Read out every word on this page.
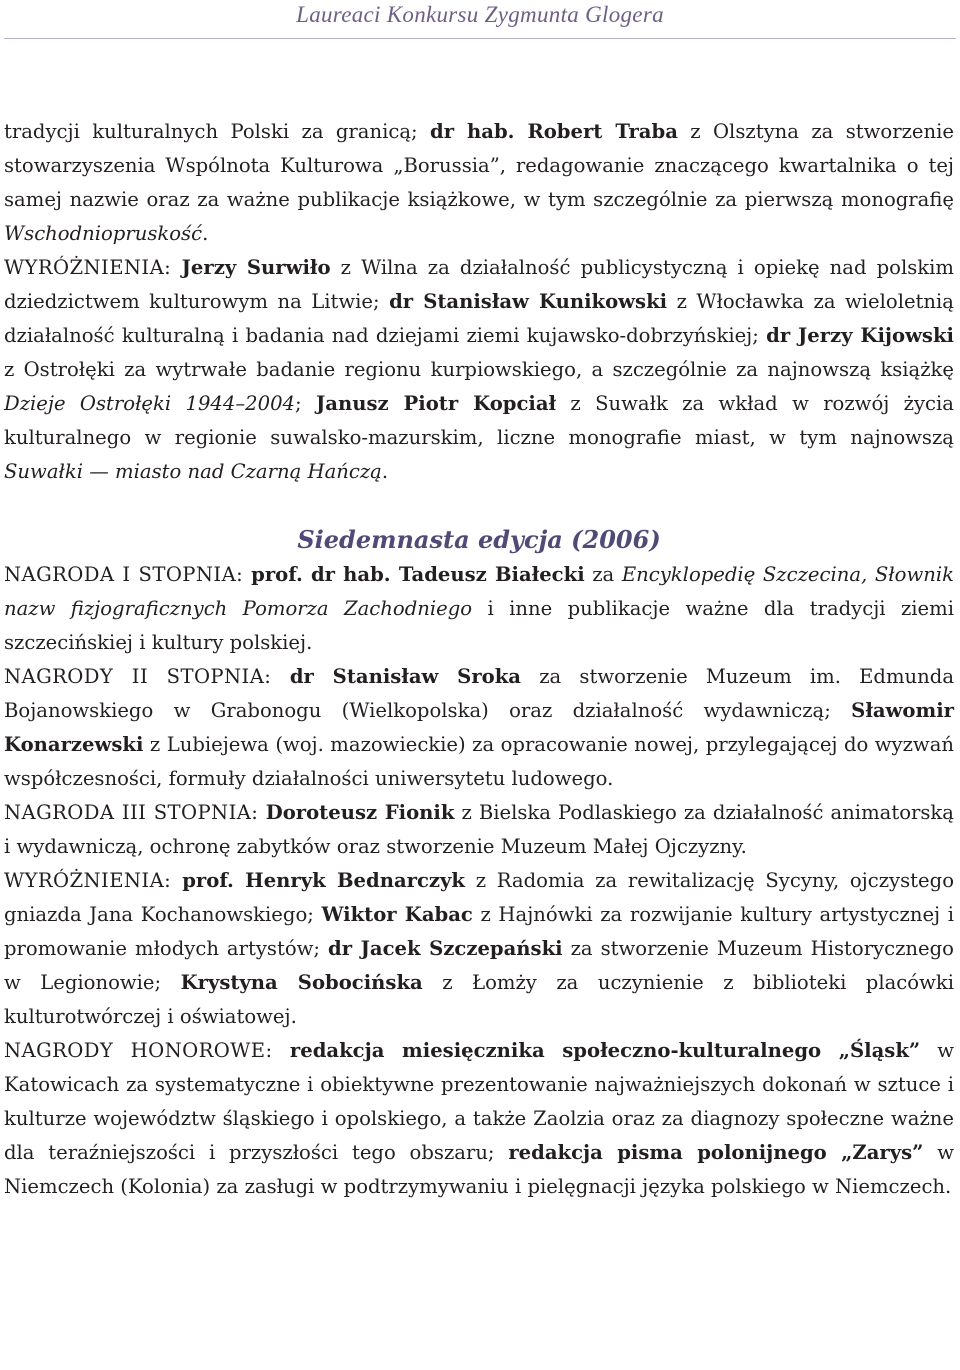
Laureaci Konkursu Zygmunta Glogera

tradycji kulturalnych Polski za granicą; dr hab. Robert Traba z Olsztyna za stworzenie stowarzyszenia Wspólnota Kulturowa „Borussia”, redagowanie znaczącego kwartalnika o tej samej nazwie oraz za ważne publikacje książkowe, w tym szczególnie za pierwszą monografię Wschodniopruskość.

WYRÓŻNIENIA: Jerzy Surwiło z Wilna za działalność publicystyczną i opiekę nad polskim dziedzictwem kulturowym na Litwie; dr Stanisław Kunikowski z Włocławka za wieloletnią działalność kulturalną i badania nad dziejami ziemi kujawsko-dobrzyńskiej; dr Jerzy Kijowski z Ostrołęki za wytrwałe badanie regionu kurpiowskiego, a szczególnie za najnowszą książkę Dzieje Ostrołęki 1944–2004; Janusz Piotr Kopciał z Suwałk za wkład w rozwój życia kulturalnego w regionie suwalsko-mazurskim, liczne monografie miast, w tym najnowszą Suwałki — miasto nad Czarną Hańczą.

Siedemnasta edycja (2006)

NAGRODA I STOPNIA: prof. dr hab. Tadeusz Białecki za Encyklopedię Szczecina, Słownik nazw fizjograficznych Pomorza Zachodniego i inne publikacje ważne dla tradycji ziemi szczecińskiej i kultury polskiej.

NAGRODY II STOPNIA: dr Stanisław Sroka za stworzenie Muzeum im. Edmunda Bojanowskiego w Grabonogu (Wielkopolska) oraz działalność wydawniczą; Sławomir Konarzewski z Lubiejewa (woj. mazowieckie) za opracowanie nowej, przylegającej do wyzwań współczesności, formuły działalności uniwersytetu ludowego.

NAGRODA III STOPNIA: Doroteusz Fionik z Bielska Podlaskiego za działalność animatorską i wydawniczą, ochronę zabytków oraz stworzenie Muzeum Małej Ojczyzny.

WYRÓŻNIENIA: prof. Henryk Bednarczyk z Radomia za rewitalizację Sycyny, ojczystego gniazda Jana Kochanowskiego; Wiktor Kabac z Hajnówki za rozwijanie kultury artystycznej i promowanie młodych artystów; dr Jacek Szczepański za stworzenie Muzeum Historycznego w Legionowie; Krystyna Sobocińska z Łomży za uczynienie z biblioteki placówki kulturotwórczej i oświatowej.

NAGRODY HONOROWE: redakcja miesięcznika społeczno-kulturalnego „Śląsk” w Katowicach za systematyczne i obiektywne prezentowanie najważniejszych dokonań w sztuce i kulturze województw śląskiego i opolskiego, a także Zaolzia oraz za diagnozy społeczne ważne dla teraźniejszości i przyszłości tego obszaru; redakcja pisma polonijnego „Zarys” w Niemczech (Kolonia) za zasługi w podtrzymywaniu i pielęgnacji języka polskiego w Niemczech.
